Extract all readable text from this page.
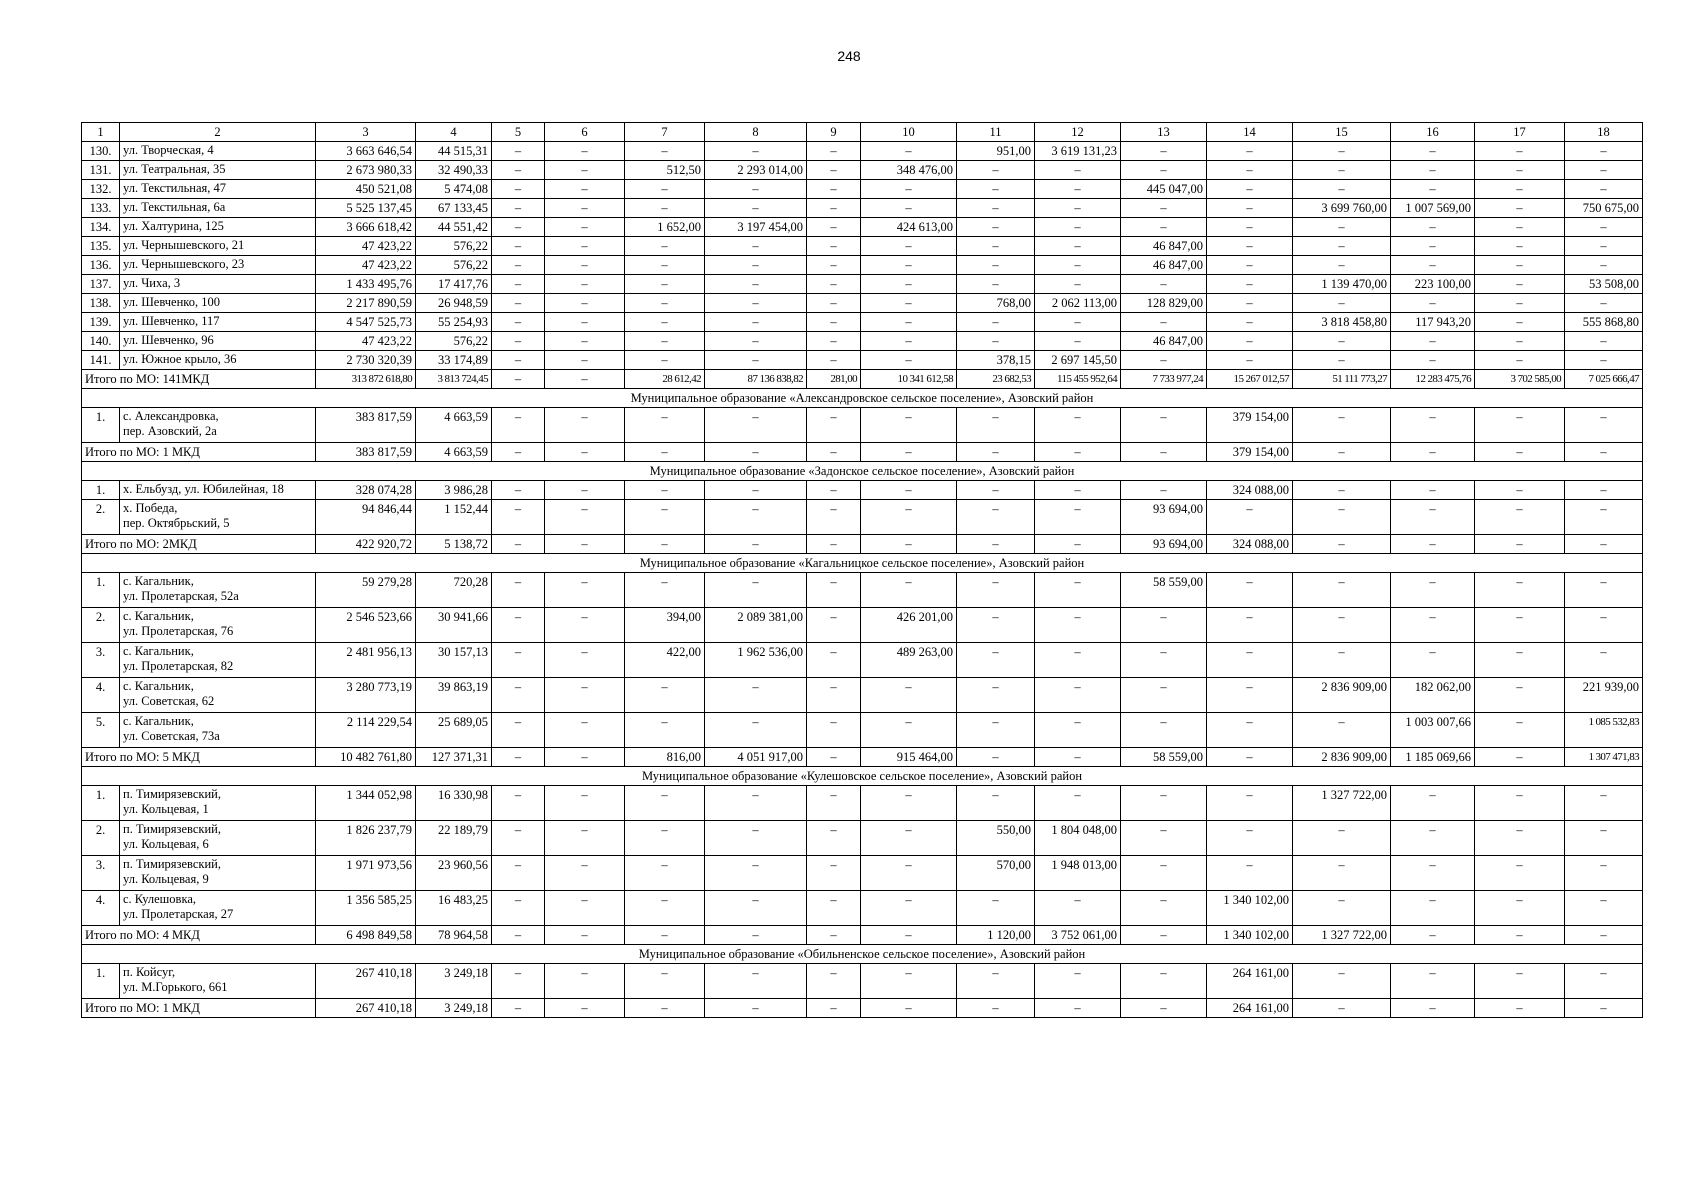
248
1	2	3	4	5	6	7	8	9	10	11	12	13	14	15	16	17	18
130.	ул. Творческая, 4	3 663 646,54	44 515,31	–	–	–	–	–	–	951,00	3 619 131,23	–	–	–	–	–	–
131.	ул. Театральная, 35	2 673 980,33	32 490,33	–	–	512,50	2 293 014,00	–	348 476,00	–	–	–	–	–	–	–	–
132.	ул. Текстильная, 47	450 521,08	5 474,08	–	–	–	–	–	–	–	–	445 047,00	–	–	–	–	–
133.	ул. Текстильная, 6а	5 525 137,45	67 133,45	–	–	–	–	–	–	–	–	–	–	3 699 760,00	1 007 569,00	–	750 675,00
134.	ул. Халтурина, 125	3 666 618,42	44 551,42	–	–	1 652,00	3 197 454,00	–	424 613,00	–	–	–	–	–	–	–	–
135.	ул. Чернышевского, 21	47 423,22	576,22	–	–	–	–	–	–	–	–	46 847,00	–	–	–	–	–
136.	ул. Чернышевского, 23	47 423,22	576,22	–	–	–	–	–	–	–	–	46 847,00	–	–	–	–	–
137.	ул. Чиха, 3	1 433 495,76	17 417,76	–	–	–	–	–	–	–	–	–	–	1 139 470,00	223 100,00	–	53 508,00
138.	ул. Шевченко, 100	2 217 890,59	26 948,59	–	–	–	–	–	–	768,00	2 062 113,00	128 829,00	–	–	–	–	–
139.	ул. Шевченко, 117	4 547 525,73	55 254,93	–	–	–	–	–	–	–	–	–	–	3 818 458,80	117 943,20	–	555 868,80
140.	ул. Шевченко, 96	47 423,22	576,22	–	–	–	–	–	–	–	–	46 847,00	–	–	–	–	–
141.	ул. Южное крыло, 36	2 730 320,39	33 174,89	–	–	–	–	–	–	378,15	2 697 145,50	–	–	–	–	–	–
Итого по МО: 141МКД		313 872 618,80	3 813 724,45	–	–	28 612,42	87 136 838,82	281,00	10 341 612,58	23 682,53	115 455 952,64	7 733 977,24	15 267 012,57	51 111 773,27	12 283 475,76	3 702 585,00	7 025 666,47
Муниципальное образование «Александровское сельское поселение», Азовский район																	
1.	с. Александровка,
пер. Азовский, 2а	383 817,59	4 663,59	–	–	–	–	–	–	–	–	–	379 154,00	–	–	–	–
Итого по МО: 1 МКД		383 817,59	4 663,59	–	–	–	–	–	–	–	–	–	379 154,00	–	–	–	–
Муниципальное образование «Задонское сельское поселение», Азовский район																	
1.	х. Ельбузд, ул. Юбилейная, 18	328 074,28	3 986,28	–	–	–	–	–	–	–	–	–	324 088,00	–	–	–	–
2.	х. Победа,
пер. Октябрьский, 5	94 846,44	1 152,44	–	–	–	–	–	–	–	–	93 694,00	–	–	–	–	–
Итого по МО: 2МКД		422 920,72	5 138,72	–	–	–	–	–	–	–	–	93 694,00	324 088,00	–	–	–	–
Муниципальное образование «Кагальницкое сельское поселение», Азовский район																	
1.	с. Кагальник,
ул. Пролетарская, 52а	59 279,28	720,28	–	–	–	–	–	–	–	–	58 559,00	–	–	–	–	–
2.	с. Кагальник,
ул. Пролетарская, 76	2 546 523,66	30 941,66	–	–	394,00	2 089 381,00	–	426 201,00	–	–	–	–	–	–	–	–
3.	с. Кагальник,
ул. Пролетарская, 82	2 481 956,13	30 157,13	–	–	422,00	1 962 536,00	–	489 263,00	–	–	–	–	–	–	–	–
4.	с. Кагальник,
ул. Советская, 62	3 280 773,19	39 863,19	–	–	–	–	–	–	–	–	–	–	2 836 909,00	182 062,00	–	221 939,00
5.	с. Кагальник,
ул. Советская, 73а	2 114 229,54	25 689,05	–	–	–	–	–	–	–	–	–	–	–	1 003 007,66	–	1 085 532,83
Итого по МО: 5 МКД		10 482 761,80	127 371,31	–	–	816,00	4 051 917,00	–	915 464,00	–	–	58 559,00	–	2 836 909,00	1 185 069,66	–	1 307 471,83
Муниципальное образование «Кулешовское сельское поселение», Азовский район																	
1.	п. Тимирязевский,
ул. Кольцевая, 1	1 344 052,98	16 330,98	–	–	–	–	–	–	–	–	–	–	1 327 722,00	–	–	–
2.	п. Тимирязевский,
ул. Кольцевая, 6	1 826 237,79	22 189,79	–	–	–	–	–	–	550,00	1 804 048,00	–	–	–	–	–	–
3.	п. Тимирязевский,
ул. Кольцевая, 9	1 971 973,56	23 960,56	–	–	–	–	–	–	570,00	1 948 013,00	–	–	–	–	–	–
4.	с. Кулешовка,
ул. Пролетарская, 27	1 356 585,25	16 483,25	–	–	–	–	–	–	–	–	–	1 340 102,00	–	–	–	–
Итого по МО: 4 МКД		6 498 849,58	78 964,58	–	–	–	–	–	–	1 120,00	3 752 061,00	–	1 340 102,00	1 327 722,00	–	–	–
Муниципальное образование «Обильненское сельское поселение», Азовский район																	
1.	п. Койсуг,
ул. М.Горького, 661	267 410,18	3 249,18	–	–	–	–	–	–	–	–	–	264 161,00	–	–	–	–
Итого по МО: 1 МКД		267 410,18	3 249,18	–	–	–	–	–	–	–	–	–	264 161,00	–	–	–	–
